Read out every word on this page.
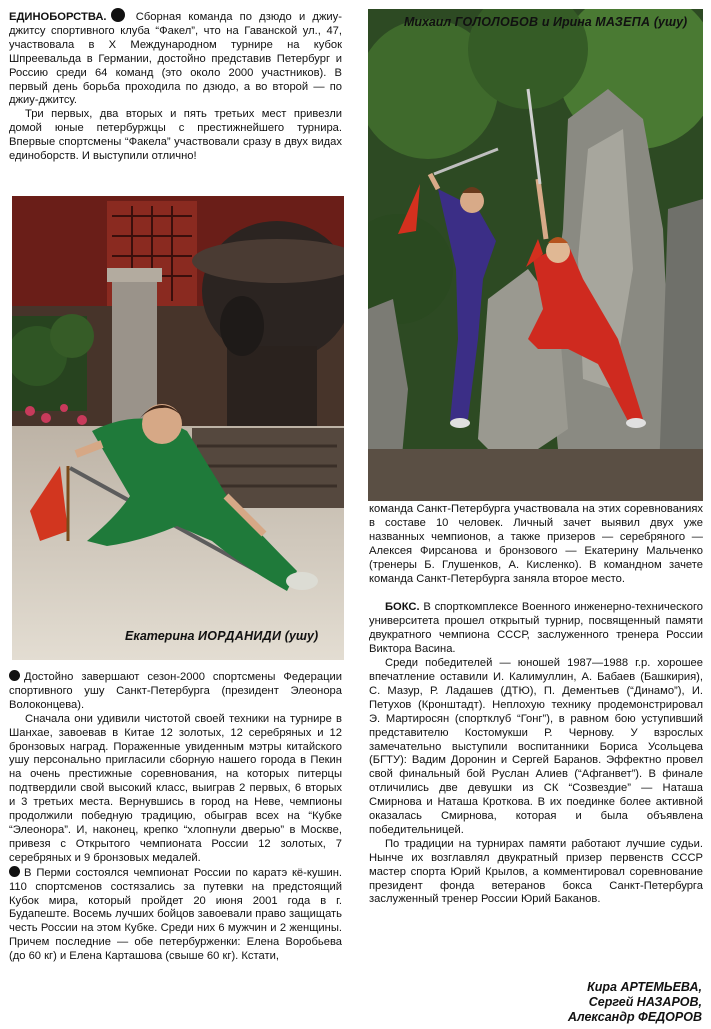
ЕДИНОБОРСТВА.	Сборная команда по дзюдо и джиу-джитсу спортивного клуба “Факел”, что на Гаванской ул., 47, участвовала в X Международном турнире на кубок Шпреевальда в Германии, достойно представив Петербург и Россию среди 64 команд (это около 2000 участников). В первый день борьба проходила по дзюдо, а во второй — по джиу-джитсу.

Три первых, два вторых и пять третьих мест привезли домой юные петербуржцы с престижнейшего турнира. Впервые спортсмены “Факела” участвовали сразу в двух видах единоборств. И выступили отлично!

Екатерина ИОРДАНИДИ (ушу)
Михаил ГОЛОЛОБОВ и Ирина МАЗЕПА (ушу)

Достойно завершают сезон-2000 спортсмены Федерации спортивного ушу Санкт-Петербурга (президент Элеонора Волоконцева).

Сначала они удивили чистотой своей техники на турнире в Шанхае, завоевав в Китае 12 золотых, 12 серебряных и 12 бронзовых наград. Пораженные увиденным мэтры китайского ушу персонально пригласили сборную нашего города в Пекин на очень престижные соревнования, на которых питерцы подтвердили свой высокий класс, выиграв 2 первых, 6 вторых и 3 третьих места. Вернувшись в город на Неве, чемпионы продолжили победную традицию, обыграв всех на “Кубке “Элеонора”. И, наконец, крепко “хлопнули дверью” в Москве, привезя с Открытого чемпионата России 12 золотых, 7 серебряных и 9 бронзовых медалей.

В Перми состоялся чемпионат России по каратэ кё-кушин. 110 спортсменов состязались за путевки на предстоящий Кубок мира, который пройдет 20 июня 2001 года в г. Будапеште. Восемь лучших бойцов завоевали право защищать честь России на этом Кубке. Среди них 6 мужчин и 2 женщины. Причем последние — обе петербурженки: Елена Воробьева (до 60 кг) и Елена Карташова (свыше 60 кг). Кстати,

команда Санкт-Петербурга участвовала на этих соревнованиях в составе 10 человек. Личный зачет выявил двух уже названных чемпионов, а также призеров — серебряного — Алексея Фирсанова и бронзового — Екатерину Мальченко (тренеры Б. Глушенков, А. Кисленко). В командном зачете команда Санкт-Петербурга заняла второе место.

БОКС. В спорткомплексе Военного инженерно-технического университета прошел открытый турнир, посвященный памяти двукратного чемпиона СССР, заслуженного тренера России Виктора Васина.

Среди победителей — юношей 1987—1988 г.р. хорошее впечатление оставили И. Калимуллин, А. Бабаев (Башкирия), С. Мазур, Р. Ладашев (ДТЮ), П. Дементьев (“Динамо”), И. Петухов (Кронштадт). Неплохую технику продемонстрировал Э. Мартиросян (спортклуб “Гонг”), в равном бою уступивший представителю Костомукши Р. Чернову. У взрослых замечательно выступили воспитанники Бориса Усольцева (БГТУ): Вадим Доронин и Сергей Баранов. Эффектно провел свой финальный бой Руслан Алиев (“Афганвет”). В финале отличились две девушки из СК “Созвездие” — Наташа Смирнова и Наташа Кроткова. В их поединке более активной оказалась Смирнова, которая и была объявлена победительницей.

По традиции на турнирах памяти работают лучшие судьи. Нынче их возглавлял двукратный призер первенств СССР мастер спорта Юрий Крылов, а комментировал соревнование президент фонда ветеранов бокса Санкт-Петербурга заслуженный тренер России Юрий Баканов.

Кира АРТЕМЬЕВА,
Сергей НАЗАРОВ,
Александр ФЕДОРОВ
